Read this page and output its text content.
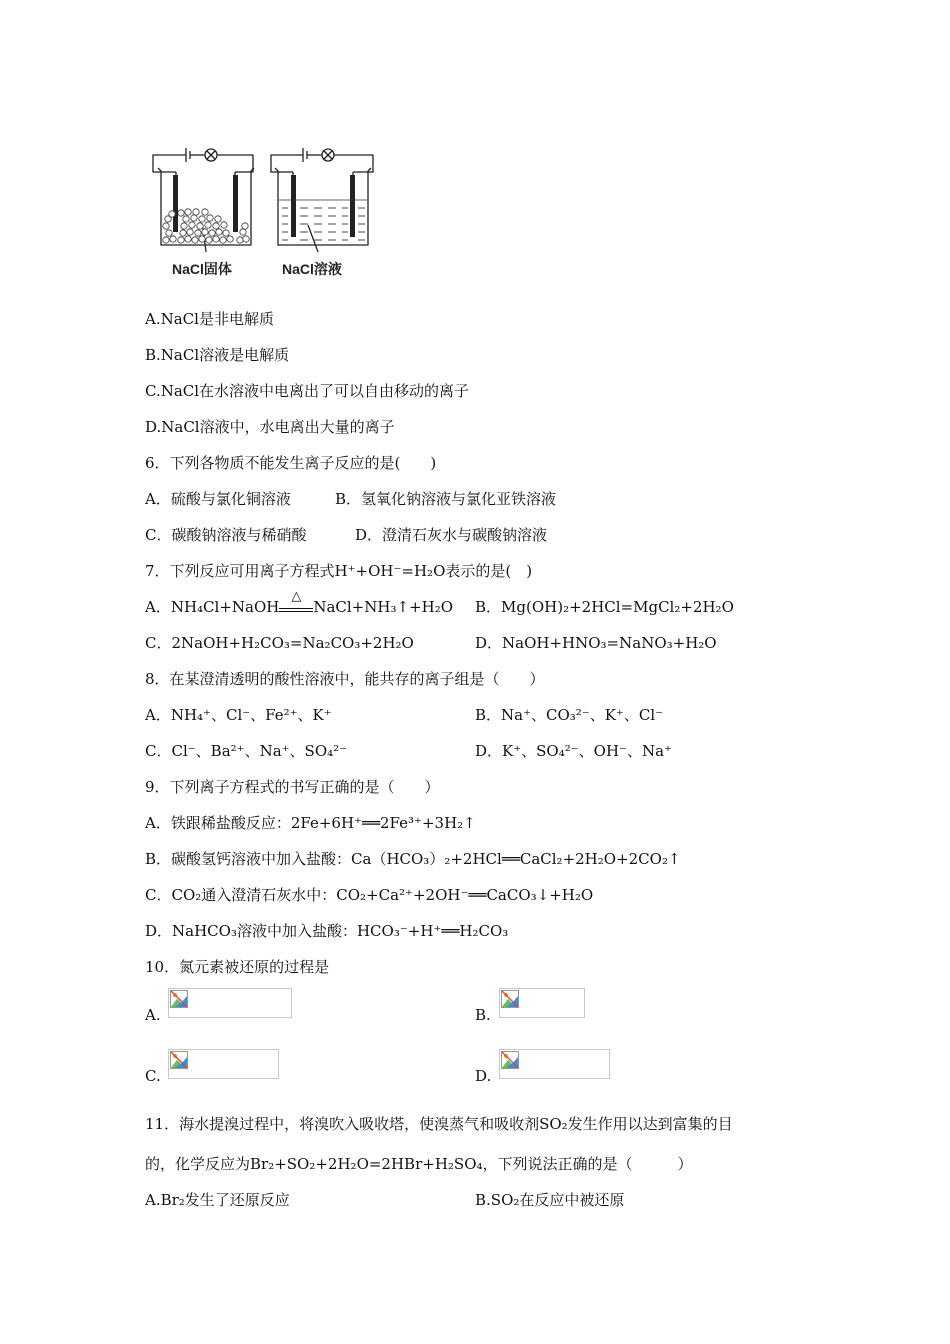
NaCl固体	NaCl溶液
A.NaCl是非电解质
B.NaCl溶液是电解质
C.NaCl在水溶液中电离出了可以自由移动的离子
D.NaCl溶液中，水电离出大量的离子
6．下列各物质不能发生离子反应的是(　　)
A．硫酸与氯化铜溶液	B．氢氧化钠溶液与氯化亚铁溶液
C．碳酸钠溶液与稀硝酸	D．澄清石灰水与碳酸钠溶液
7．下列反应可用离子方程式H⁺+OH⁻=H₂O表示的是(　)
A．NH₄Cl+NaOH
△
NaCl+NH₃↑+H₂O B．Mg(OH)₂+2HCl=MgCl₂+2H₂O
C．2NaOH+H₂CO₃=Na₂CO₃+2H₂O	D．NaOH+HNO₃=NaNO₃+H₂O
8．在某澄清透明的酸性溶液中，能共存的离子组是（　　）
A．NH₄⁺、Cl⁻、Fe²⁺、K⁺	B．Na⁺、CO₃²⁻、K⁺、Cl⁻
C．Cl⁻、Ba²⁺、Na⁺、SO₄²⁻	D．K⁺、SO₄²⁻、OH⁻、Na⁺
9．下列离子方程式的书写正确的是（　　）
A．铁跟稀盐酸反应：2Fe+6H⁺══2Fe³⁺+3H₂↑
B．碳酸氢钙溶液中加入盐酸：Ca（HCO₃）₂+2HCl══CaCl₂+2H₂O+2CO₂↑
C．CO₂通入澄清石灰水中：CO₂+Ca²⁺+2OH⁻══CaCO₃↓+H₂O
D．NaHCO₃溶液中加入盐酸：HCO₃⁻+H⁺══H₂CO₃
10．氮元素被还原的过程是
A.	B.
C.	D.
11．海水提溴过程中，将溴吹入吸收塔，使溴蒸气和吸收剂SO₂发生作用以达到富集的目
的，化学反应为Br₂+SO₂+2H₂O=2HBr+H₂SO₄，下列说法正确的是（　　　）
A.Br₂发生了还原反应	B.SO₂在反应中被还原
